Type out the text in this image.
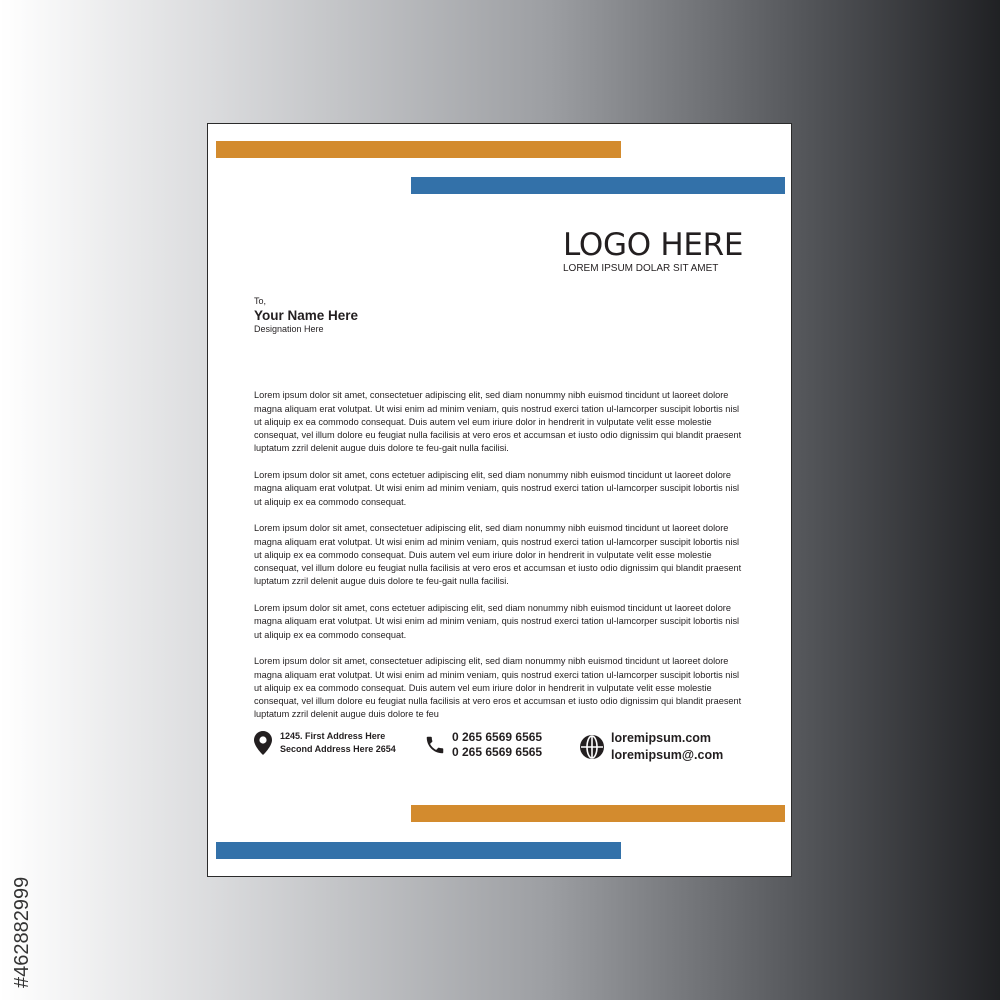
#462882999
LOGO HERE
LOREM IPSUM DOLAR SIT AMET
To,
Your Name Here
Designation Here

Lorem ipsum dolor sit amet, consectetuer adipiscing elit, sed diam nonummy nibh euismod tincidunt ut laoreet dolore magna aliquam erat volutpat. Ut wisi enim ad minim veniam, quis nostrud exerci tation ul-lamcorper suscipit lobortis nisl ut aliquip ex ea commodo consequat. Duis autem vel eum iriure dolor in hendrerit in vulputate velit esse molestie consequat, vel illum dolore eu feugiat nulla facilisis at vero eros et accumsan et iusto odio dignissim qui blandit praesent luptatum zzril delenit augue duis dolore te feu-gait nulla facilisi.

Lorem ipsum dolor sit amet, cons ectetuer adipiscing elit, sed diam nonummy nibh euismod tincidunt ut laoreet dolore magna aliquam erat volutpat. Ut wisi enim ad minim veniam, quis nostrud exerci tation ul-lamcorper suscipit lobortis nisl ut aliquip ex ea commodo consequat.

Lorem ipsum dolor sit amet, consectetuer adipiscing elit, sed diam nonummy nibh euismod tincidunt ut laoreet dolore magna aliquam erat volutpat. Ut wisi enim ad minim veniam, quis nostrud exerci tation ul-lamcorper suscipit lobortis nisl ut aliquip ex ea commodo consequat. Duis autem vel eum iriure dolor in hendrerit in vulputate velit esse molestie consequat, vel illum dolore eu feugiat nulla facilisis at vero eros et accumsan et iusto odio dignissim qui blandit praesent luptatum zzril delenit augue duis dolore te feu-gait nulla facilisi.

Lorem ipsum dolor sit amet, cons ectetuer adipiscing elit, sed diam nonummy nibh euismod tincidunt ut laoreet dolore magna aliquam erat volutpat. Ut wisi enim ad minim veniam, quis nostrud exerci tation ul-lamcorper suscipit lobortis nisl ut aliquip ex ea commodo consequat.

Lorem ipsum dolor sit amet, consectetuer adipiscing elit, sed diam nonummy nibh euismod tincidunt ut laoreet dolore magna aliquam erat volutpat. Ut wisi enim ad minim veniam, quis nostrud exerci tation ul-lamcorper suscipit lobortis nisl ut aliquip ex ea commodo consequat. Duis autem vel eum iriure dolor in hendrerit in vulputate velit esse molestie consequat, vel illum dolore eu feugiat nulla facilisis at vero eros et accumsan et iusto odio dignissim qui blandit praesent luptatum zzril delenit augue duis dolore te feu

1245. First Address Here
Second Address Here 2654
0 265 6569 6565
0 265 6569 6565
loremipsum.com
loremipsum@.com
